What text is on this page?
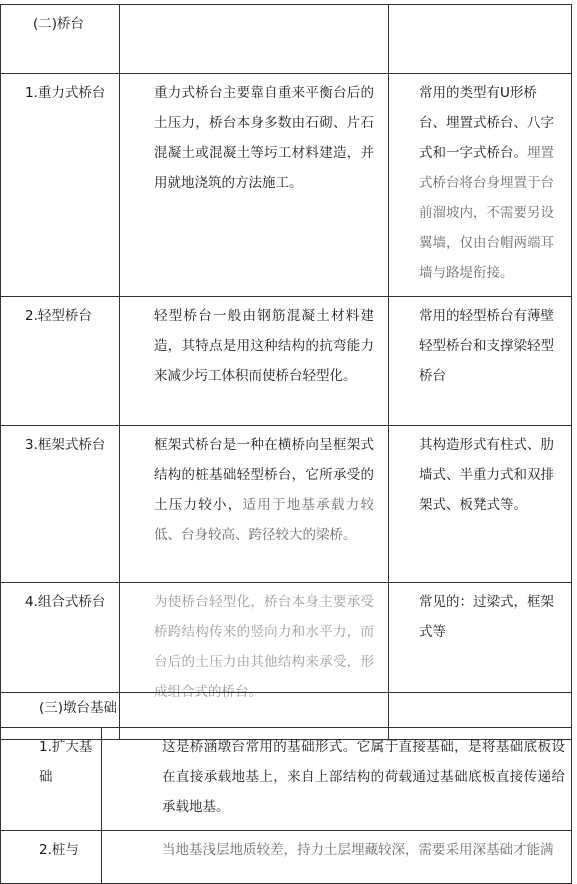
(二)桥台		
1.重力式桥台	重力式桥台主要靠自重来平衡台后的土压力，桥台本身多数由石砌、片石混凝土或混凝土等圬工材料建造，并用就地浇筑的方法施工。	常用的类型有U形桥台、埋置式桥台、八字式和一字式桥台。埋置式桥台将台身埋置于台前溜坡内，不需要另设翼墙，仅由台帽两端耳墙与路堤衔接。
2.轻型桥台	轻型桥台一般由钢筋混凝土材料建造，其特点是用这种结构的抗弯能力来减少圬工体积而使桥台轻型化。	常用的轻型桥台有薄壁轻型桥台和支撑梁轻型桥台
3.框架式桥台	框架式桥台是一种在横桥向呈框架式结构的桩基础轻型桥台，它所承受的土压力较小，适用于地基承载力较低、台身较高、跨径较大的梁桥。	其构造形式有柱式、肋墙式、半重力式和双排架式、板凳式等。
4.组合式桥台	为使桥台轻型化，桥台本身主要承受桥跨结构传来的竖向力和水平力，而台后的土压力由其他结构来承受，形成组合式的桥台。	常见的：过梁式，框架式等
(三)墩台基础	
1.扩大基础	这是桥涵墩台常用的基础形式。它属于直接基础，是将基础底板设在直接承载地基上，来自上部结构的荷载通过基础底板直接传递给承载地基。
2.桩与	当地基浅层地质较差，持力土层埋藏较深，需要采用深基础才能满
